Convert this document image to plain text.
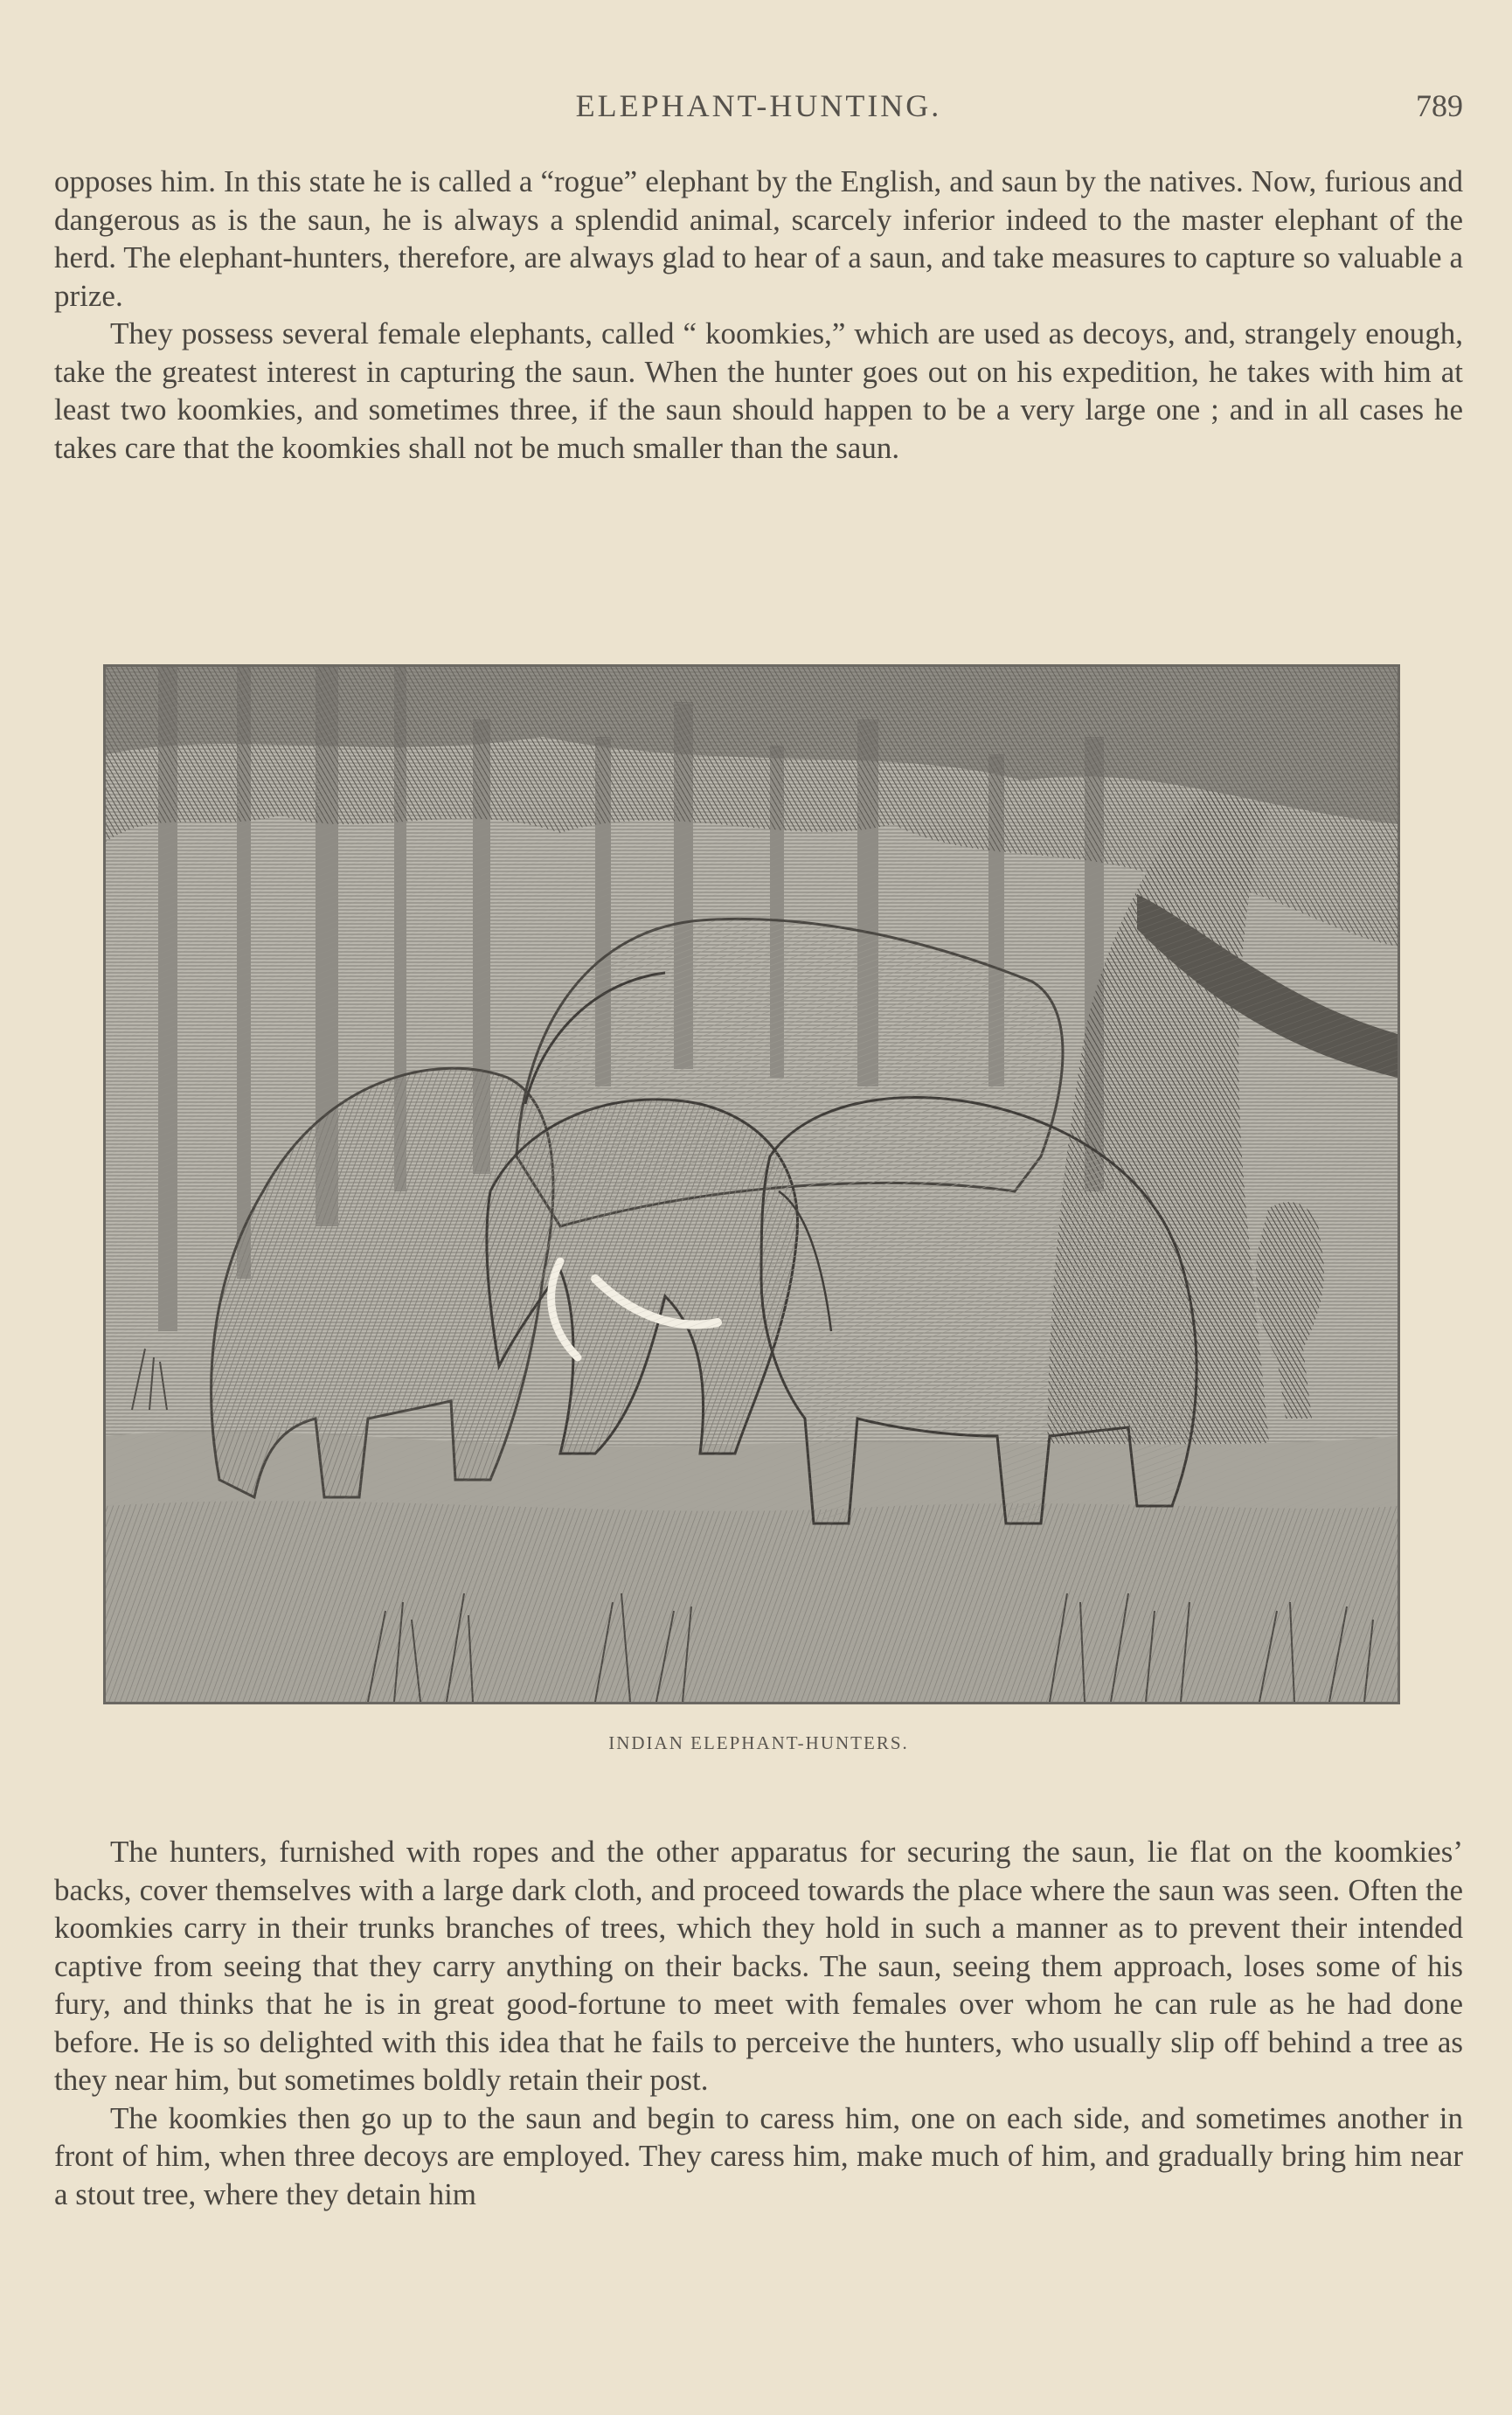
ELEPHANT-HUNTING.	789

opposes him. In this state he is called a “rogue” elephant by the English, and saun by the natives. Now, furious and dangerous as is the saun, he is always a splendid animal, scarcely inferior indeed to the master elephant of the herd. The elephant-hunters, therefore, are always glad to hear of a saun, and take measures to capture so valuable a prize.

They possess several female elephants, called “ koomkies,” which are used as decoys, and, strangely enough, take the greatest interest in capturing the saun. When the hunter goes out on his expedition, he takes with him at least two koomkies, and sometimes three, if the saun should happen to be a very large one ; and in all cases he takes care that the koomkies shall not be much smaller than the saun.

INDIAN ELEPHANT-HUNTERS.

The hunters, furnished with ropes and the other apparatus for securing the saun, lie flat on the koomkies’ backs, cover themselves with a large dark cloth, and proceed towards the place where the saun was seen. Often the koomkies carry in their trunks branches of trees, which they hold in such a manner as to prevent their intended captive from seeing that they carry anything on their backs. The saun, seeing them approach, loses some of his fury, and thinks that he is in great good-fortune to meet with females over whom he can rule as he had done before. He is so delighted with this idea that he fails to perceive the hunters, who usually slip off behind a tree as they near him, but sometimes boldly retain their post.

The koomkies then go up to the saun and begin to caress him, one on each side, and sometimes another in front of him, when three decoys are employed. They caress him, make much of him, and gradually bring him near a stout tree, where they detain him
